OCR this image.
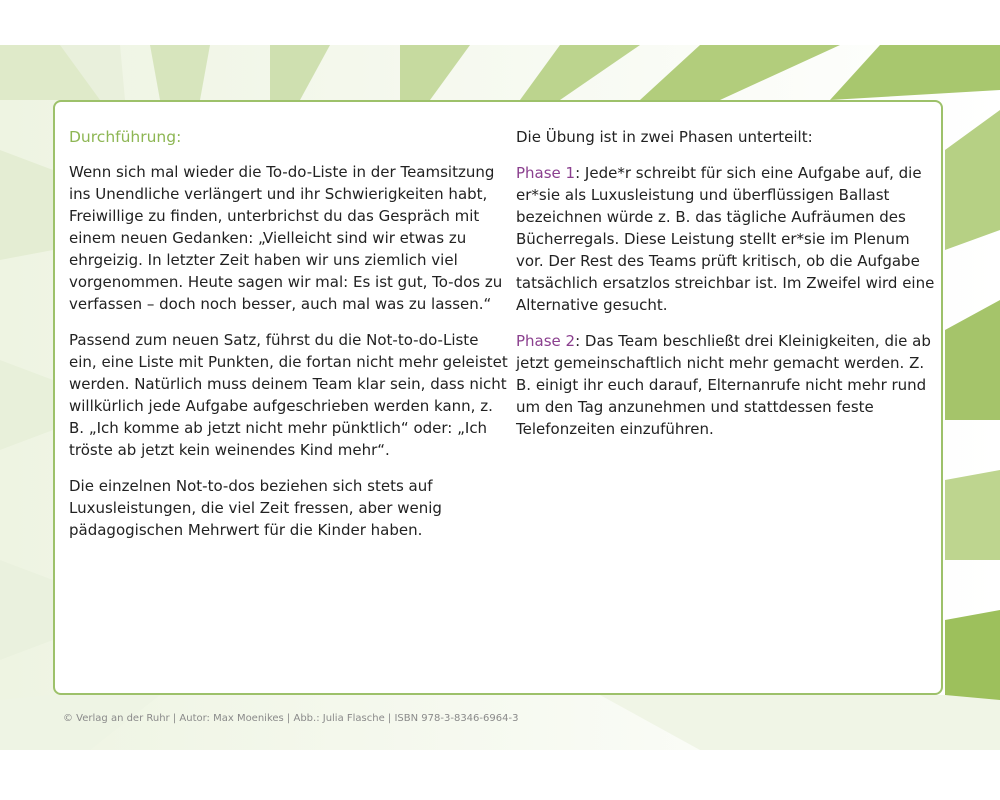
Durchführung:

Wenn sich mal wieder die To-do-Liste in der Teamsitzung ins Unendliche verlängert und ihr Schwierigkeiten habt, Freiwillige zu finden, unterbrichst du das Gespräch mit einem neuen Gedanken: „Vielleicht sind wir etwas zu ehrgeizig. In letzter Zeit haben wir uns ziemlich viel vorgenommen. Heute sagen wir mal: Es ist gut, To-dos zu verfassen – doch noch besser, auch mal was zu lassen.“

Passend zum neuen Satz, führst du die Not-to-do-Liste ein, eine Liste mit Punkten, die fortan nicht mehr geleistet werden. Natürlich muss deinem Team klar sein, dass nicht willkürlich jede Aufgabe aufgeschrieben werden kann, z. B. „Ich komme ab jetzt nicht mehr pünktlich“ oder: „Ich tröste ab jetzt kein weinendes Kind mehr“.

Die einzelnen Not-to-dos beziehen sich stets auf Luxusleistungen, die viel Zeit fressen, aber wenig pädagogischen Mehrwert für die Kinder haben.

Die Übung ist in zwei Phasen unterteilt:

Phase 1: Jede*r schreibt für sich eine Aufgabe auf, die er*sie als Luxusleistung und überflüssigen Ballast bezeichnen würde z. B. das tägliche Aufräumen des Bücherregals. Diese Leistung stellt er*sie im Plenum vor. Der Rest des Teams prüft kritisch, ob die Aufgabe tatsächlich ersatzlos streichbar ist. Im Zweifel wird eine Alternative gesucht.

Phase 2: Das Team beschließt drei Kleinigkeiten, die ab jetzt gemeinschaftlich nicht mehr gemacht werden. Z. B. einigt ihr euch darauf, Elternanrufe nicht mehr rund um den Tag anzunehmen und stattdessen feste Telefonzeiten einzuführen.

© Verlag an der Ruhr | Autor: Max Moenikes | Abb.: Julia Flasche | ISBN 978-3-8346-6964-3
